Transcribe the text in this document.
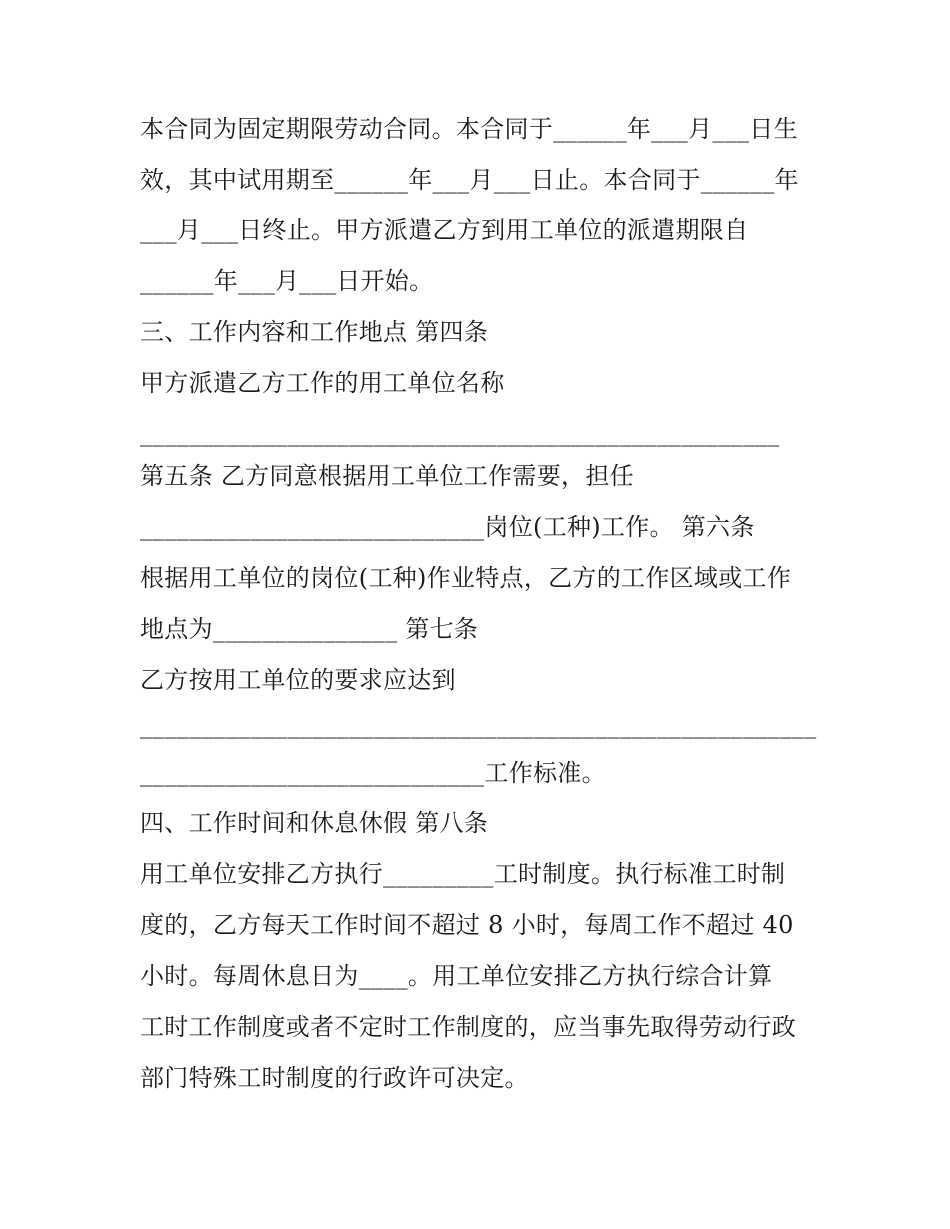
本合同为固定期限劳动合同。本合同于______年___月___日生
效，其中试用期至______年___月___日止。本合同于______年
___月___日终止。甲方派遣乙方到用工单位的派遣期限自
______年___月___日开始。
三、工作内容和工作地点 第四条
甲方派遣乙方工作的用工单位名称
____________________________________________________
第五条 乙方同意根据用工单位工作需要，担任
____________________________岗位(工种)工作。 第六条
根据用工单位的岗位(工种)作业特点，乙方的工作区域或工作
地点为_______________ 第七条
乙方按用工单位的要求应达到
_______________________________________________________
____________________________工作标准。
四、工作时间和休息休假 第八条
用工单位安排乙方执行_________工时制度。执行标准工时制
度的，乙方每天工作时间不超过 8 小时，每周工作不超过 40
小时。每周休息日为____。用工单位安排乙方执行综合计算
工时工作制度或者不定时工作制度的，应当事先取得劳动行政
部门特殊工时制度的行政许可决定。
